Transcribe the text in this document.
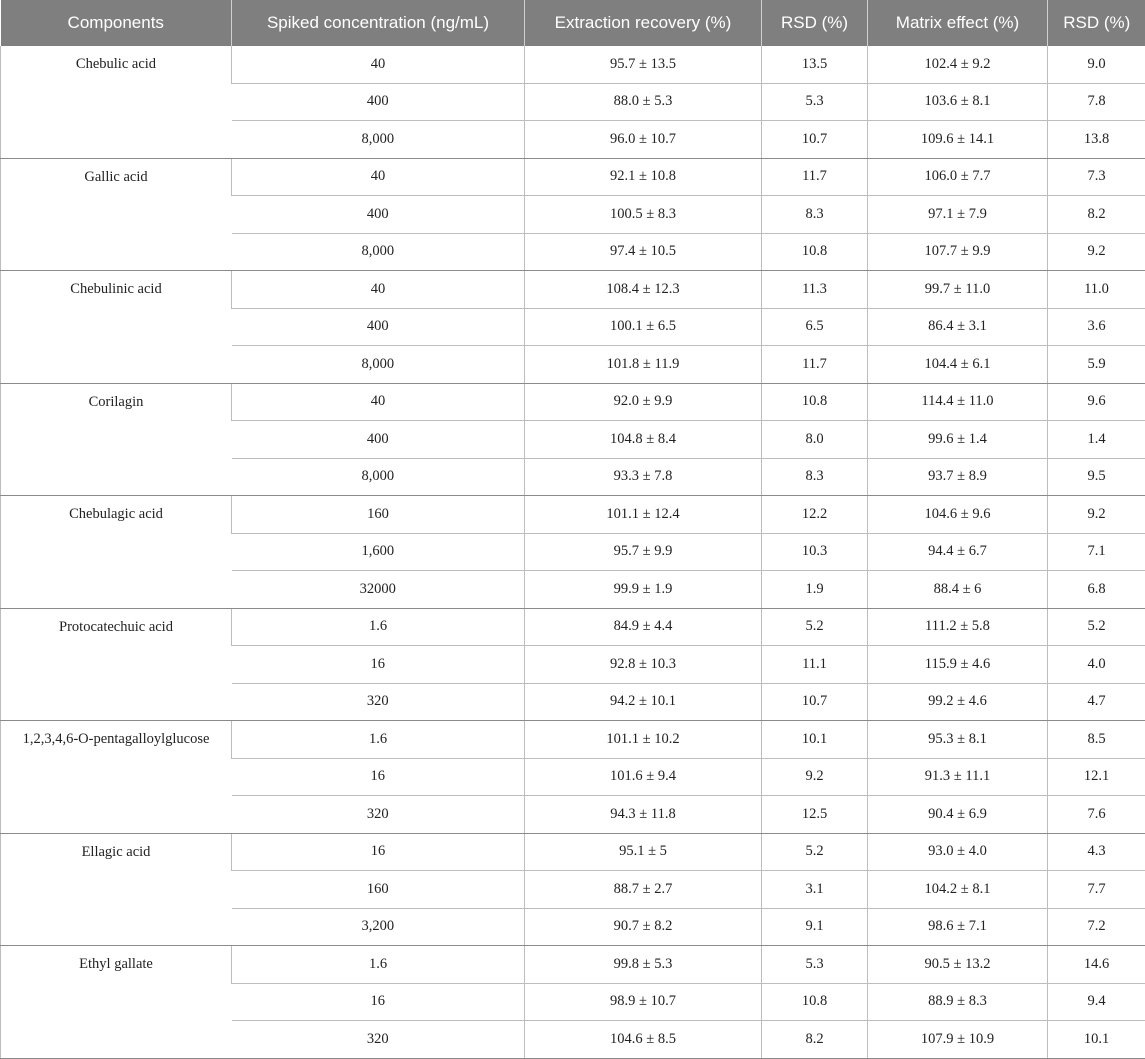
Components	Spiked concentration (ng/mL)	Extraction recovery (%)	RSD (%)	Matrix effect (%)	RSD (%)
Chebulic acid	40	95.7 ± 13.5	13.5	102.4 ± 9.2	9.0
	400	88.0 ± 5.3	5.3	103.6 ± 8.1	7.8
	8,000	96.0 ± 10.7	10.7	109.6 ± 14.1	13.8
Gallic acid	40	92.1 ± 10.8	11.7	106.0 ± 7.7	7.3
	400	100.5 ± 8.3	8.3	97.1 ± 7.9	8.2
	8,000	97.4 ± 10.5	10.8	107.7 ± 9.9	9.2
Chebulinic acid	40	108.4 ± 12.3	11.3	99.7 ± 11.0	11.0
	400	100.1 ± 6.5	6.5	86.4 ± 3.1	3.6
	8,000	101.8 ± 11.9	11.7	104.4 ± 6.1	5.9
Corilagin	40	92.0 ± 9.9	10.8	114.4 ± 11.0	9.6
	400	104.8 ± 8.4	8.0	99.6 ± 1.4	1.4
	8,000	93.3 ± 7.8	8.3	93.7 ± 8.9	9.5
Chebulagic acid	160	101.1 ± 12.4	12.2	104.6 ± 9.6	9.2
	1,600	95.7 ± 9.9	10.3	94.4 ± 6.7	7.1
	32000	99.9 ± 1.9	1.9	88.4 ± 6	6.8
Protocatechuic acid	1.6	84.9 ± 4.4	5.2	111.2 ± 5.8	5.2
	16	92.8 ± 10.3	11.1	115.9 ± 4.6	4.0
	320	94.2 ± 10.1	10.7	99.2 ± 4.6	4.7
1,2,3,4,6-O-pentagalloylglucose	1.6	101.1 ± 10.2	10.1	95.3 ± 8.1	8.5
	16	101.6 ± 9.4	9.2	91.3 ± 11.1	12.1
	320	94.3 ± 11.8	12.5	90.4 ± 6.9	7.6
Ellagic acid	16	95.1 ± 5	5.2	93.0 ± 4.0	4.3
	160	88.7 ± 2.7	3.1	104.2 ± 8.1	7.7
	3,200	90.7 ± 8.2	9.1	98.6 ± 7.1	7.2
Ethyl gallate	1.6	99.8 ± 5.3	5.3	90.5 ± 13.2	14.6
	16	98.9 ± 10.7	10.8	88.9 ± 8.3	9.4
	320	104.6 ± 8.5	8.2	107.9 ± 10.9	10.1
